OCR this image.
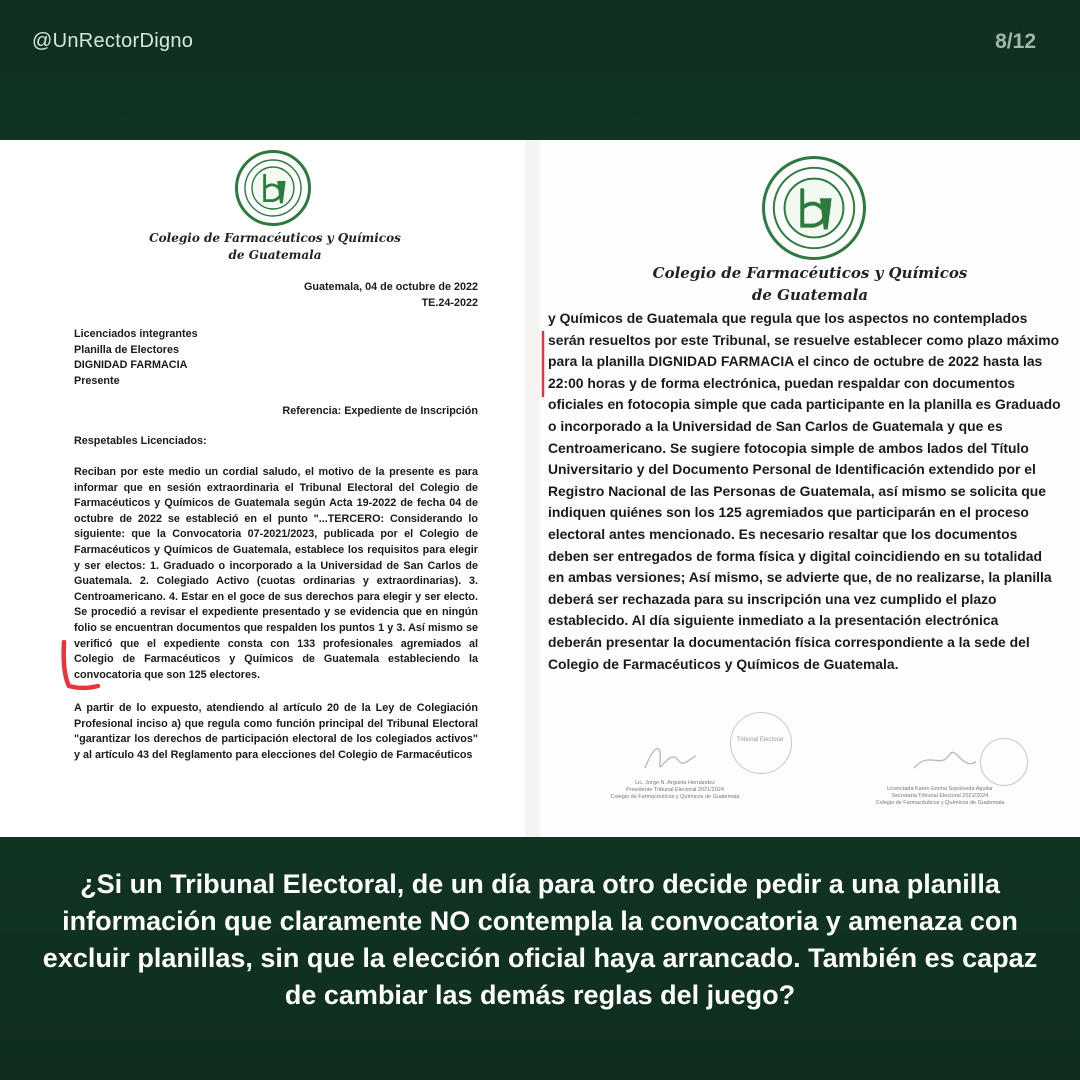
@UnRectorDigno	8/12
Colegio de Farmacéuticos y Químicos
de Guatemala
Guatemala, 04 de octubre de 2022
TE.24-2022
Licenciados integrantes
Planilla de Electores
DIGNIDAD FARMACIA
Presente
Referencia: Expediente de Inscripción
Respetables Licenciados:
Reciban por este medio un cordial saludo, el motivo de la presente es para informar que en sesión extraordinaria el Tribunal Electoral del Colegio de Farmacéuticos y Químicos de Guatemala según Acta 19-2022 de fecha 04 de octubre de 2022 se estableció en el punto "...TERCERO: Considerando lo siguiente: que la Convocatoria 07-2021/2023, publicada por el Colegio de Farmacéuticos y Químicos de Guatemala, establece los requisitos para elegir y ser electos: 1. Graduado o incorporado a la Universidad de San Carlos de Guatemala. 2. Colegiado Activo (cuotas ordinarias y extraordinarias). 3. Centroamericano. 4. Estar en el goce de sus derechos para elegir y ser electo. Se procedió a revisar el expediente presentado y se evidencia que en ningún folio se encuentran documentos que respalden los puntos 1 y 3. Así mismo se verificó que el expediente consta con 133 profesionales agremiados al Colegio de Farmacéuticos y Químicos de Guatemala estableciendo la convocatoria que son 125 electores.
A partir de lo expuesto, atendiendo al artículo 20 de la Ley de Colegiación Profesional inciso a) que regula como función principal del Tribunal Electoral "garantizar los derechos de participación electoral de los colegiados activos" y al artículo 43 del Reglamento para elecciones del Colegio de Farmacéuticos
Colegio de Farmacéuticos y Químicos
de Guatemala
y Químicos de Guatemala que regula que los aspectos no contemplados
serán resueltos por este Tribunal, se resuelve establecer como plazo máximo
para la planilla DIGNIDAD FARMACIA el cinco de octubre de 2022 hasta las
22:00 horas y de forma electrónica, puedan respaldar con documentos
oficiales en fotocopia simple que cada participante en la planilla es Graduado
o incorporado a la Universidad de San Carlos de Guatemala y que es
Centroamericano. Se sugiere fotocopia simple de ambos lados del Título
Universitario y del Documento Personal de Identificación extendido por el
Registro Nacional de las Personas de Guatemala, así mismo se solicita que
indiquen quiénes son los 125 agremiados que participarán en el proceso
electoral antes mencionado. Es necesario resaltar que los documentos
deben ser entregados de forma física y digital coincidiendo en su totalidad
en ambas versiones; Así mismo, se advierte que, de no realizarse, la planilla
deberá ser rechazada para su inscripción una vez cumplido el plazo
establecido. Al día siguiente inmediato a la presentación electrónica
deberán presentar la documentación física correspondiente a la sede del
Colegio de Farmacéuticos y Químicos de Guatemala.
Tribunal Electoral
Lic. Jorge N. Argueta Hernández
Presidente Tribunal Electoral 2021/2024
Colegio de Farmacéuticos y Químicos de Guatemala
Licenciada Karen Emma Sepúlveda Aguilar
Secretaria Tribunal Electoral 2021/2024
Colegio de Farmacéuticos y Químicos de Guatemala
¿Si un Tribunal Electoral, de un día para otro decide pedir a una planilla información que claramente NO contempla la convocatoria y amenaza con excluir planillas, sin que la elección oficial haya arrancado. También es capaz de cambiar las demás reglas del juego?
